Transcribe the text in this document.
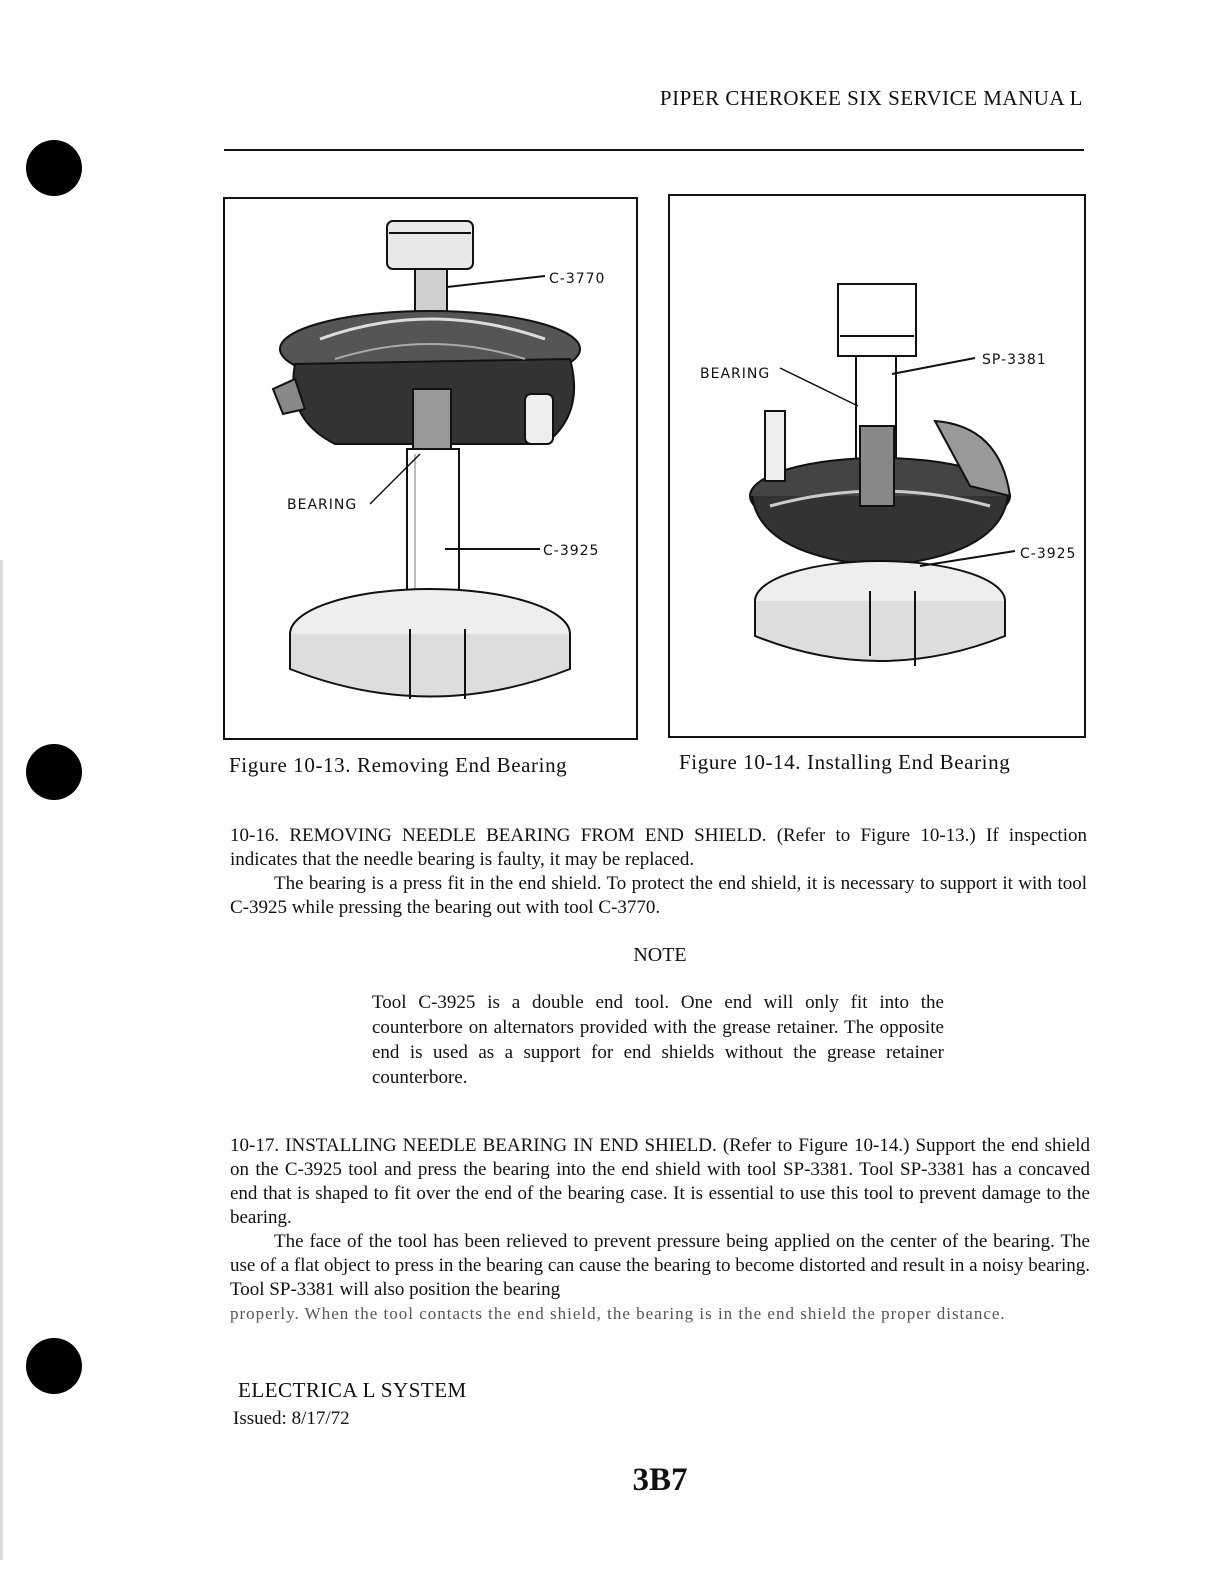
PIPER CHEROKEE SIX SERVICE MANUA L
C-3770
BEARING
C-3925
BEARING
SP-3381
C-3925
Figure 10-13. Removing End Bearing	Figure 10-14. Installing End Bearing

10-16. REMOVING NEEDLE BEARING FROM END SHIELD. (Refer to Figure 10-13.) If inspection indicates that the needle bearing is faulty, it may be replaced.

The bearing is a press fit in the end shield. To protect the end shield, it is necessary to support it with tool C-3925 while pressing the bearing out with tool C-3770.

NOTE
Tool C-3925 is a double end tool. One end will only fit into the counterbore on alternators provided with the grease retainer. The opposite end is used as a support for end shields without the grease retainer counterbore.

10-17. INSTALLING NEEDLE BEARING IN END SHIELD. (Refer to Figure 10-14.) Support the end shield on the C-3925 tool and press the bearing into the end shield with tool SP-3381. Tool SP-3381 has a concaved end that is shaped to fit over the end of the bearing case. It is essential to use this tool to prevent damage to the bearing.

The face of the tool has been relieved to prevent pressure being applied on the center of the bearing. The use of a flat object to press in the bearing can cause the bearing to become distorted and result in a noisy bearing. Tool SP-3381 will also position the bearing

properly. When the tool contacts the end shield, the bearing is in the end shield the proper distance.

ELECTRICA L SYSTEM
Issued: 8/17/72
3B7
